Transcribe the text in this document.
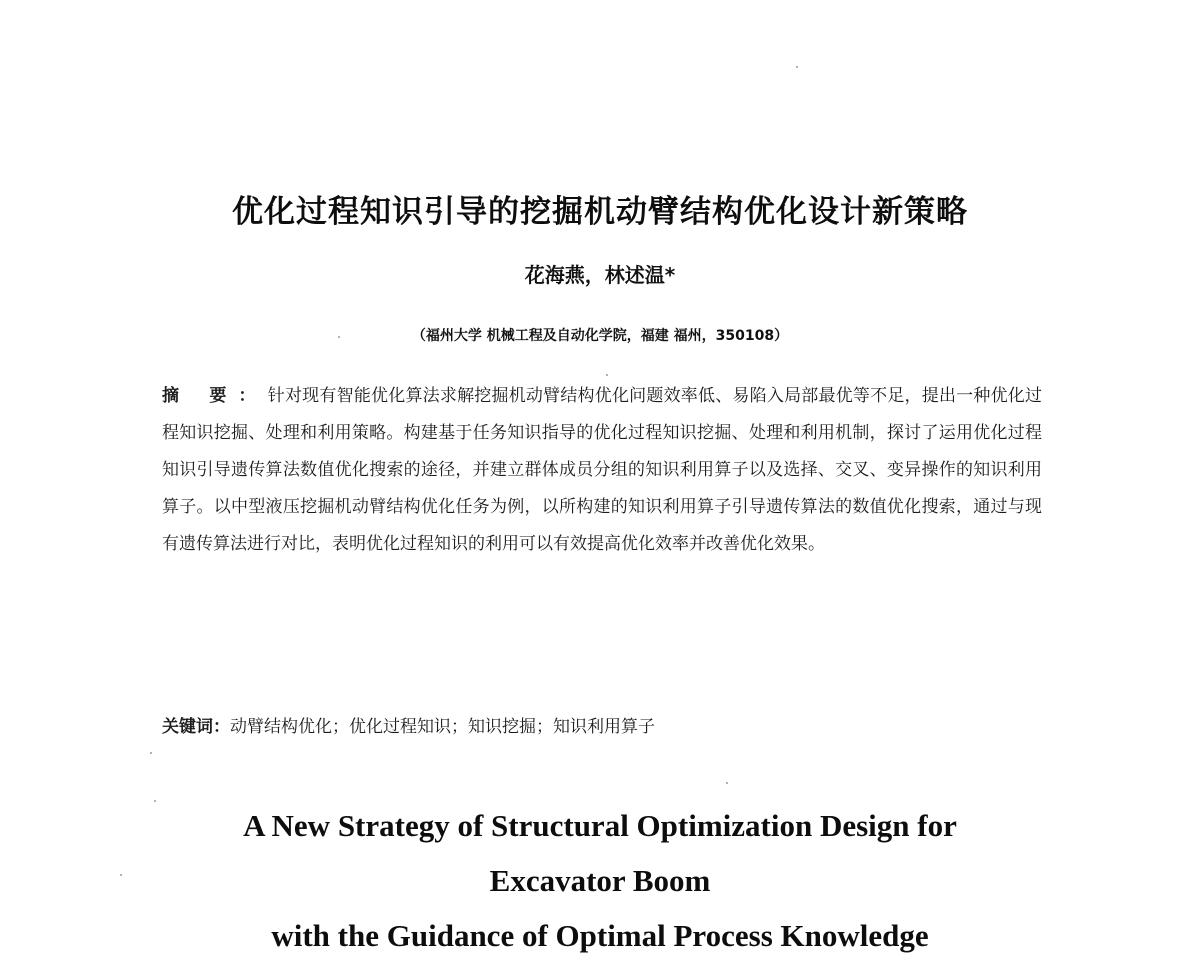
优化过程知识引导的挖掘机动臂结构优化设计新策略
花海燕，林述温*
（福州大学 机械工程及自动化学院，福建 福州，350108）
摘 要：针对现有智能优化算法求解挖掘机动臂结构优化问题效率低、易陷入局部最优等不足，提出一种优化过程知识挖掘、处理和利用策略。构建基于任务知识指导的优化过程知识挖掘、处理和利用机制，探讨了运用优化过程知识引导遗传算法数值优化搜索的途径，并建立群体成员分组的知识利用算子以及选择、交叉、变异操作的知识利用算子。以中型液压挖掘机动臂结构优化任务为例，以所构建的知识利用算子引导遗传算法的数值优化搜索，通过与现有遗传算法进行对比，表明优化过程知识的利用可以有效提高优化效率并改善优化效果。
关键词：动臂结构优化；优化过程知识；知识挖掘；知识利用算子
A New Strategy of Structural Optimization Design for
Excavator Boom
with the Guidance of Optimal Process Knowledge
